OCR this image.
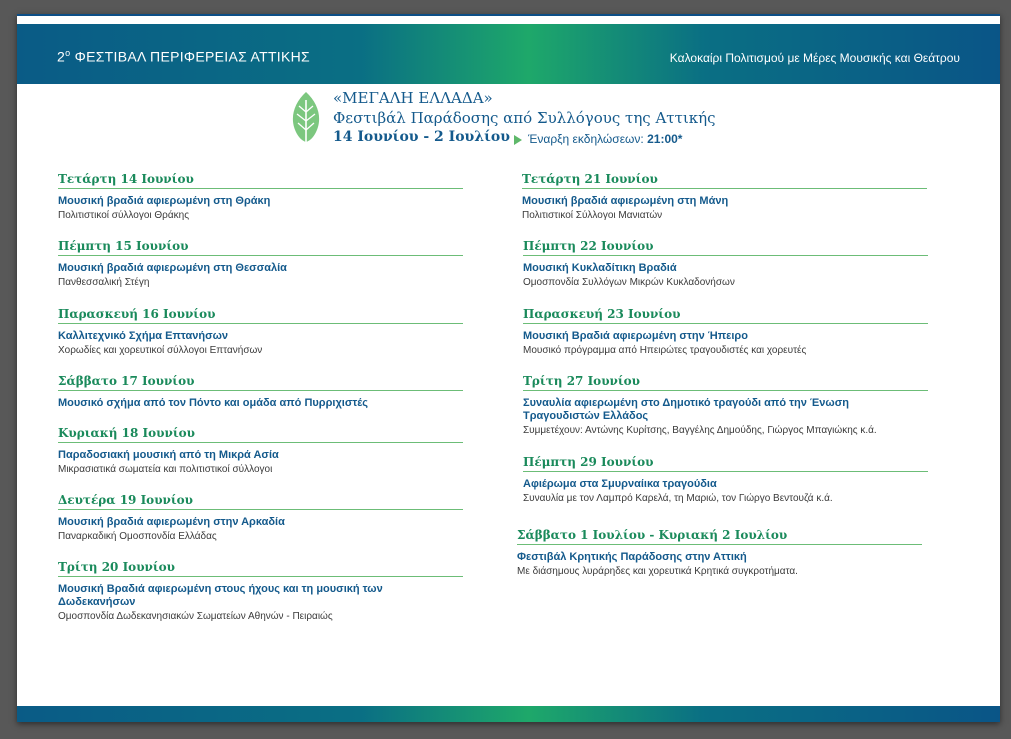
$2^o$ ΦΕΣΤΙΒΑΛ ΠΕΡΙΦΕΡΕΙΑΣ ΑΤΤΙΚΗΣ	Καλοκαίρι Πολιτισμού με Μέρες Μουσικής και Θεάτρου
«ΜΕΓΑΛΗ ΕΛΛΑΔΑ»
Φεστιβάλ Παράδοσης από Συλλόγους της Αττικής
14 Ιουνίου - 2 Ιουλίου	Έναρξη εκδηλώσεων: 21:00*
Τετάρτη 14 Ιουνίου
Μουσική βραδιά αφιερωμένη στη Θράκη
Πολιτιστικοί σύλλογοι Θράκης
Πέμπτη 15 Ιουνίου
Μουσική βραδιά αφιερωμένη στη Θεσσαλία
Πανθεσσαλική Στέγη
Παρασκευή 16 Ιουνίου
Καλλιτεχνικό Σχήμα Επτανήσων
Χορωδίες και χορευτικοί σύλλογοι Επτανήσων
Σάββατο 17 Ιουνίου
Μουσικό σχήμα από τον Πόντο και ομάδα από Πυρριχιστές
Κυριακή 18 Ιουνίου
Παραδοσιακή μουσική από τη Μικρά Ασία
Μικρασιατικά σωματεία και πολιτιστικοί σύλλογοι
Δευτέρα 19 Ιουνίου
Μουσική βραδιά αφιερωμένη στην Αρκαδία
Παναρκαδική Ομοσπονδία Ελλάδας
Τρίτη 20 Ιουνίου
Μουσική Βραδιά αφιερωμένη στους ήχους και τη μουσική των Δωδεκανήσων
Ομοσπονδία Δωδεκανησιακών Σωματείων Αθηνών - Πειραιώς
Τετάρτη 21 Ιουνίου
Μουσική βραδιά αφιερωμένη στη Μάνη
Πολιτιστικοί Σύλλογοι Μανιατών
Πέμπτη 22 Ιουνίου
Μουσική Κυκλαδίτικη Βραδιά
Ομοσπονδία Συλλόγων Μικρών Κυκλαδονήσων
Παρασκευή 23 Ιουνίου
Μουσική Βραδιά αφιερωμένη στην Ήπειρο
Μουσικό πρόγραμμα από Ηπειρώτες τραγουδιστές και χορευτές
Τρίτη 27 Ιουνίου
Συναυλία αφιερωμένη στο Δημοτικό τραγούδι από την Ένωση Τραγουδιστών Ελλάδος
Συμμετέχουν: Αντώνης Κυρίτσης, Βαγγέλης Δημούδης, Γιώργος Μπαγιώκης κ.ά.
Πέμπτη 29 Ιουνίου
Αφιέρωμα στα Σμυρναίικα τραγούδια
Συναυλία με τον Λαμπρό Καρελά, τη Μαριώ, τον Γιώργο Βεντουζά κ.ά.
Σάββατο 1 Ιουλίου - Κυριακή 2 Ιουλίου
Φεστιβάλ Κρητικής Παράδοσης στην Αττική
Με διάσημους λυράρηδες και χορευτικά Κρητικά συγκροτήματα.
